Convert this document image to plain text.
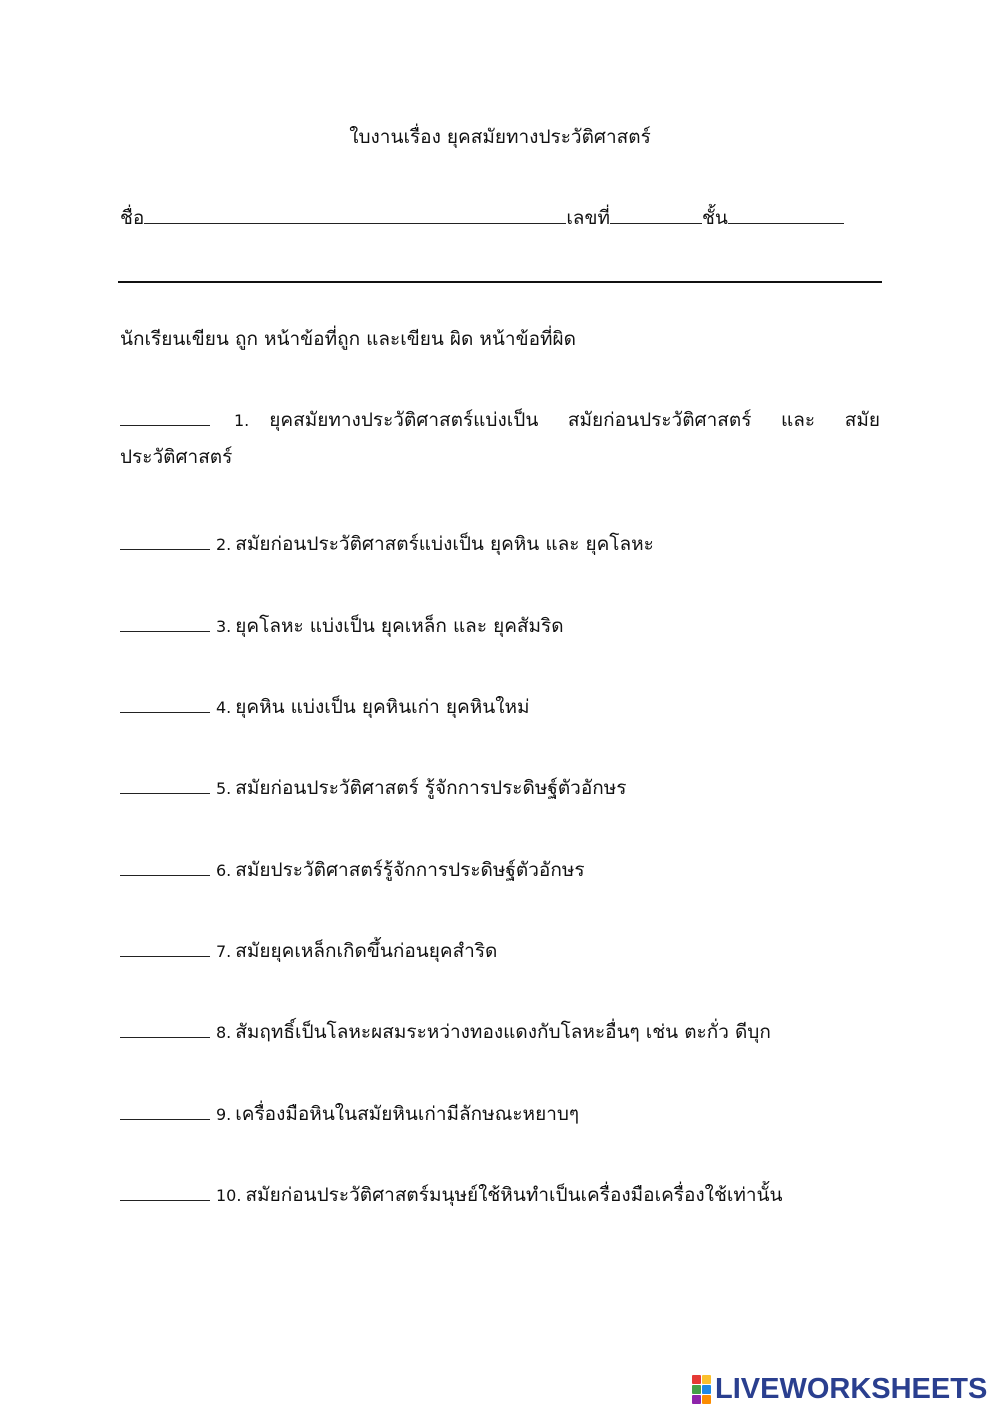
ใบงานเรื่อง ยุคสมัยทางประวัติศาสตร์
ชื่อ	เลขที่	ชั้น
นักเรียนเขียน ถูก หน้าข้อที่ถูก และเขียน ผิด หน้าข้อที่ผิด
1. ยุคสมัยทางประวัติศาสตร์แบ่งเป็น สมัยก่อนประวัติศาสตร์ และ สมัย
ประวัติศาสตร์
2. สมัยก่อนประวัติศาสตร์แบ่งเป็น ยุคหิน และ ยุคโลหะ
3. ยุคโลหะ แบ่งเป็น ยุคเหล็ก และ ยุคสัมริด
4. ยุคหิน แบ่งเป็น ยุคหินเก่า ยุคหินใหม่
5. สมัยก่อนประวัติศาสตร์ รู้จักการประดิษฐ์ตัวอักษร
6. สมัยประวัติศาสตร์รู้จักการประดิษฐ์ตัวอักษร
7. สมัยยุคเหล็กเกิดขึ้นก่อนยุคสำริด
8. สัมฤทธิ์เป็นโลหะผสมระหว่างทองแดงกับโลหะอื่นๆ เช่น ตะกั่ว ดีบุก
9. เครื่องมือหินในสมัยหินเก่ามีลักษณะหยาบๆ
10. สมัยก่อนประวัติศาสตร์มนุษย์ใช้หินทำเป็นเครื่องมือเครื่องใช้เท่านั้น
LIVEWORKSHEETS
